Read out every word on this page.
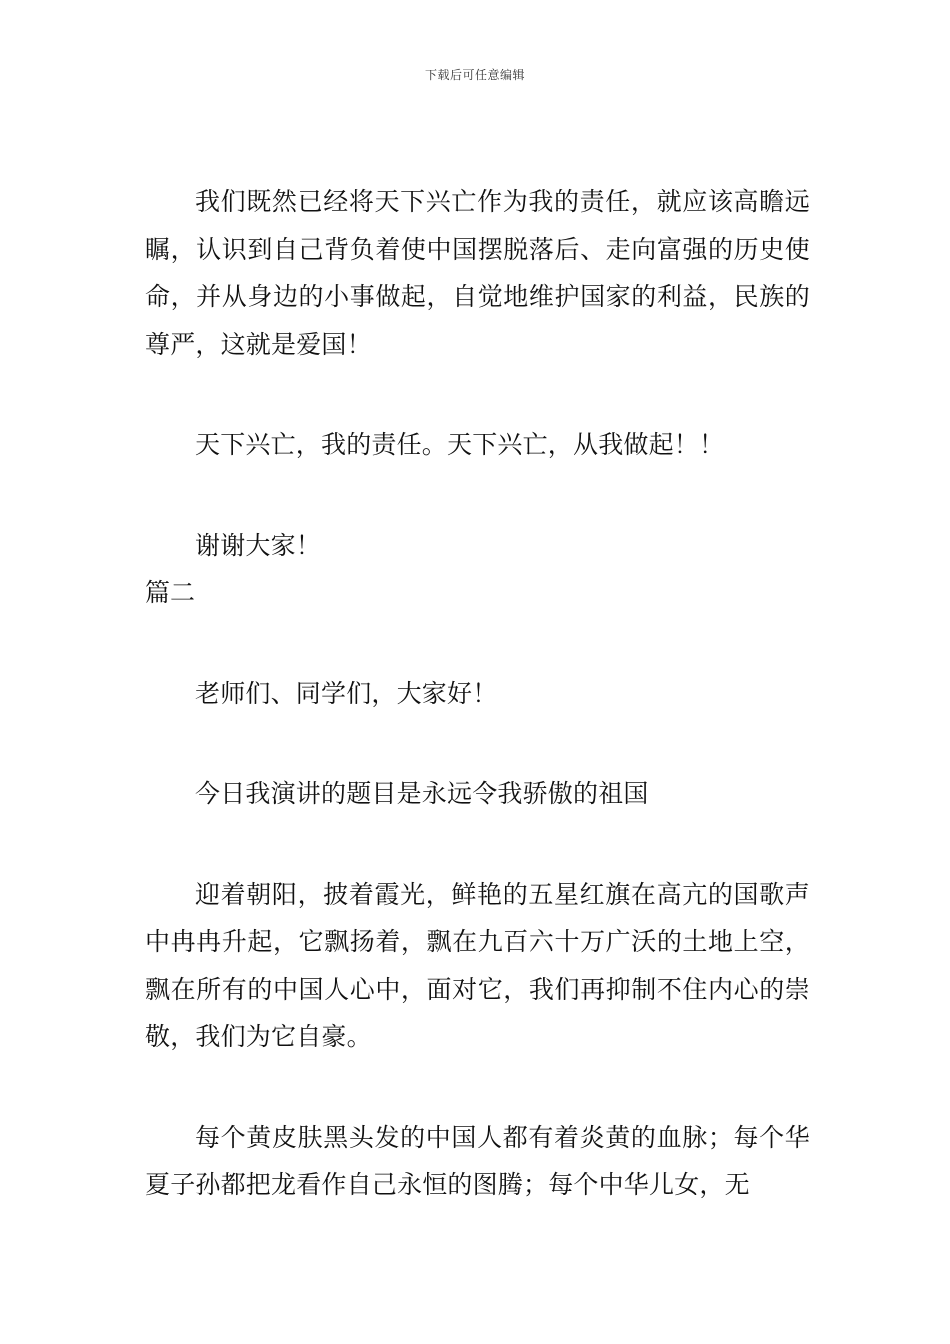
下载后可任意编辑

我们既然已经将天下兴亡作为我的责任，就应该高瞻远瞩，认识到自己背负着使中国摆脱落后、走向富强的历史使命，并从身边的小事做起，自觉地维护国家的利益，民族的尊严，这就是爱国！

天下兴亡，我的责任。天下兴亡，从我做起！！

谢谢大家！

篇二

老师们、同学们，大家好！

今日我演讲的题目是永远令我骄傲的祖国

迎着朝阳，披着霞光，鲜艳的五星红旗在高亢的国歌声中冉冉升起，它飘扬着，飘在九百六十万广沃的土地上空，飘在所有的中国人心中，面对它，我们再抑制不住内心的崇敬，我们为它自豪。

每个黄皮肤黑头发的中国人都有着炎黄的血脉；每个华夏子孙都把龙看作自己永恒的图腾；每个中华儿女，无
